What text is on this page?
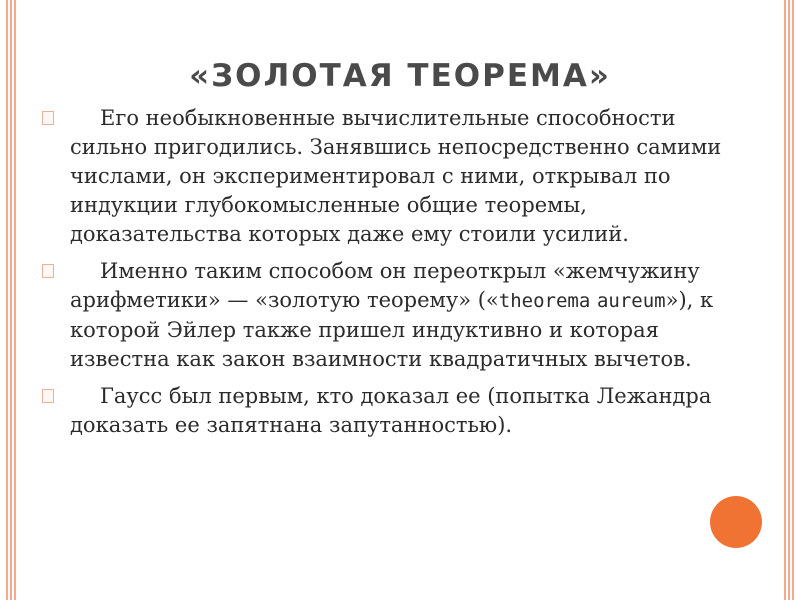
«ЗОЛОТАЯ ТЕОРЕМА»

Его необыкновенные вычислительные способности сильно пригодились. Занявшись непосредственно самими числами, он экспериментировал с ними, открывал по индукции глубокомысленные общие теоремы, доказательства которых даже ему стоили усилий.

Именно таким способом он переоткрыл «жемчужину арифметики» — «золотую теорему» («theorema aureum»), к которой Эйлер также пришел индуктивно и которая известна как закон взаимности квадратичных вычетов.

Гаусс был первым, кто доказал ее (попытка Лежандра доказать ее запятнана запутанностью).
